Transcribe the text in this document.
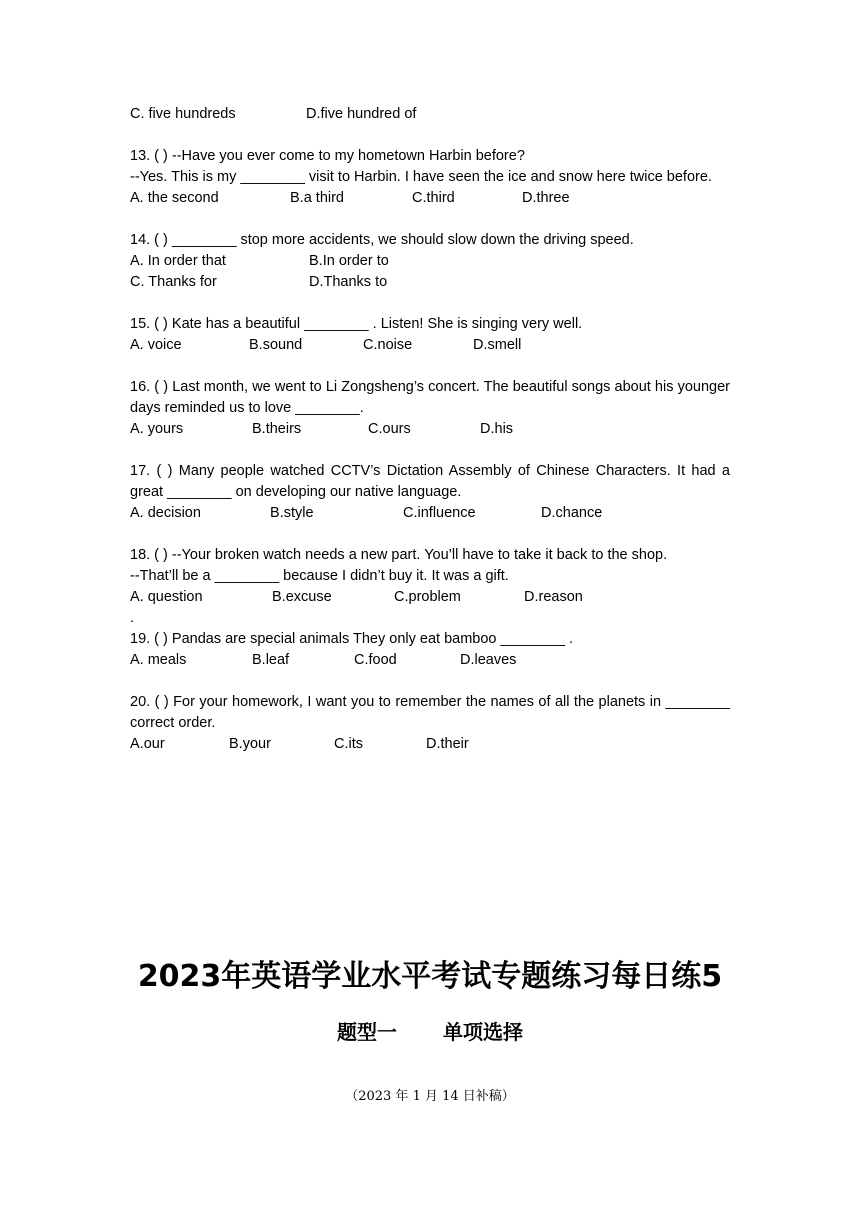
C. five hundreds	D.five hundred of
13. ( ) --Have you ever come to my hometown Harbin before?
--Yes. This is my ________ visit to Harbin. I have seen the ice and snow here twice before.
A. the second	B.a third	C.third	D.three
14. ( ) ________ stop more accidents, we should slow down the driving speed.
A. In order that	B.In order to
C. Thanks for	D.Thanks to
15. ( ) Kate has a beautiful ________ . Listen! She is singing very well.
A. voice	B.sound	C.noise	D.smell
16. ( ) Last month, we went to Li Zongsheng’s concert. The beautiful songs about his younger days reminded us to love ________.
A. yours	B.theirs	C.ours	D.his
17. ( ) Many people watched CCTV’s Dictation Assembly of Chinese Characters. It had a great ________ on developing our native language.
A. decision	B.style	C.influence	D.chance
18. ( ) --Your broken watch needs a new part. You’ll have to take it back to the shop.
--That’ll be a ________ because I didn’t buy it. It was a gift.
A. question	B.excuse	C.problem	D.reason
.
19. ( ) Pandas are special animals They only eat bamboo ________ .
A. meals	B.leaf	C.food	D.leaves
20. ( ) For your homework, I want you to remember the names of all the planets in ________ correct order.
A.our	B.your	C.its	D.their
2023年英语学业水平考试专题练习每日练5
题型一 单项选择
（2023 年 1 月 14 日补稿）
